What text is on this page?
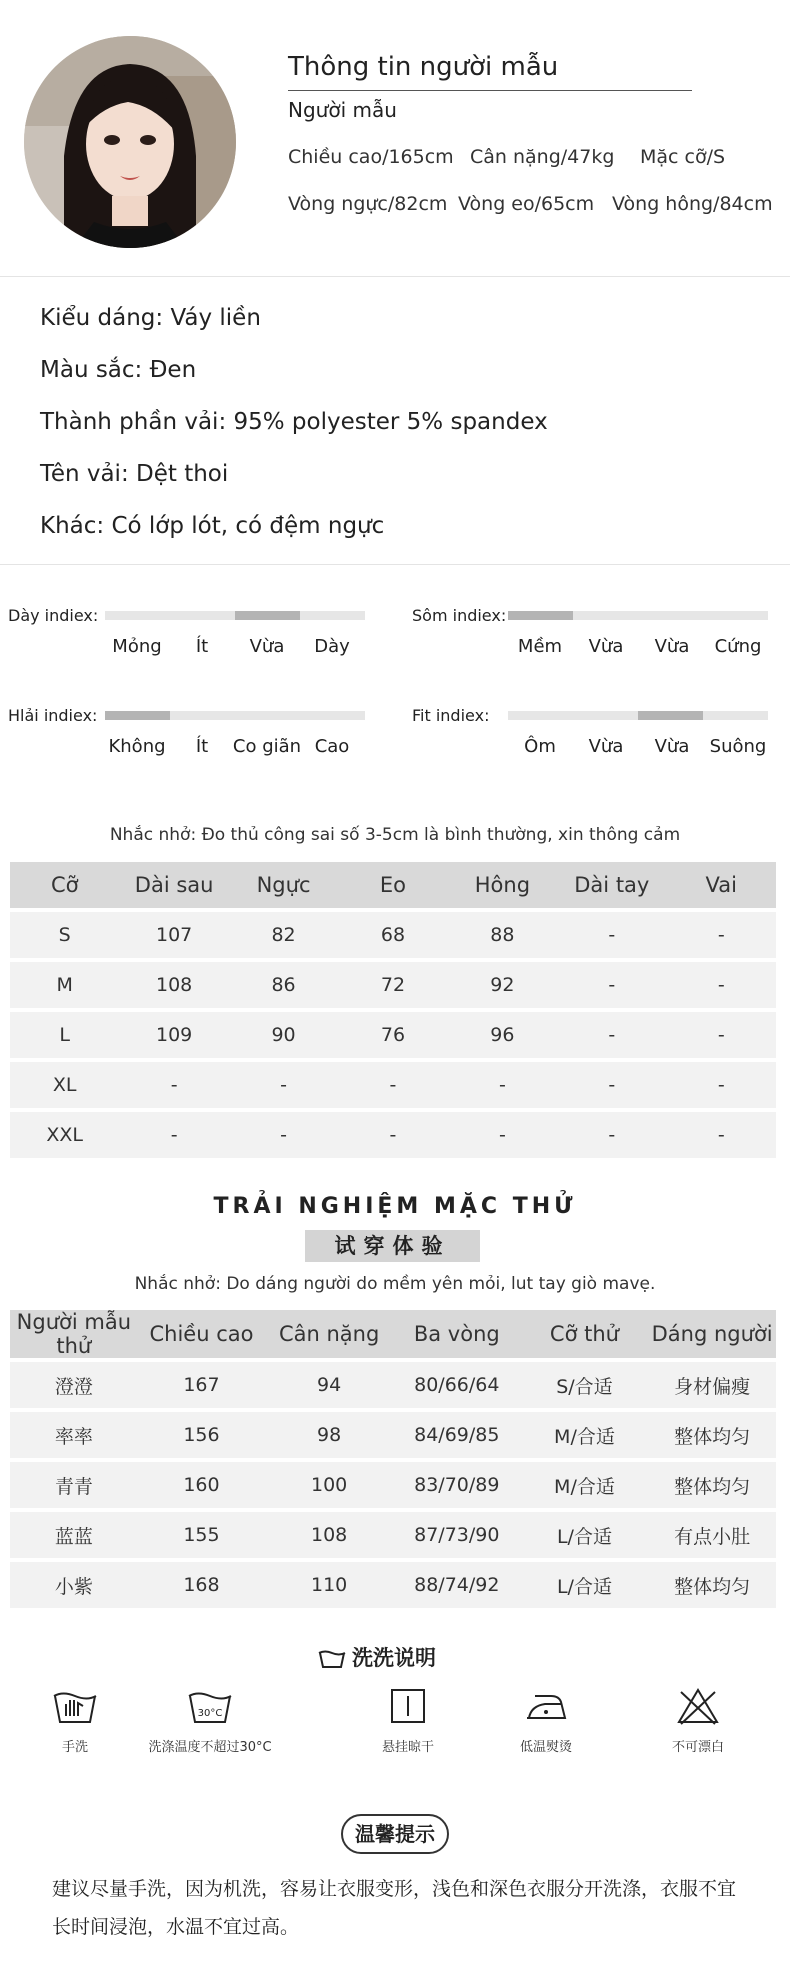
Thông tin người mẫu
Người mẫu
Chiều cao/165cm Cân nặng/47kg Mặc cỡ/S
Vòng ngực/82cm Vòng eo/65cm Vòng hông/84cm
Kiểu dáng: Váy liền
Màu sắc: Đen
Thành phần vải: 95% polyester 5% spandex
Tên vải: Dệt thoi
Khác: Có lớp lót, có đệm ngực
Dày indiex:
Mỏng Ít Vừa Dày
Sôm indiex:
Mềm Vừa Vừa Cứng
Hlải indiex:
Không Ít Co giãn Cao
Fit indiex:
Ôm Vừa Vừa Suông
Nhắc nhở: Đo thủ công sai số 3-5cm là bình thường, xin thông cảm
Cỡ	Dài sau	Ngực	Eo	Hông	Dài tay	Vai
S	107	82	68	88	-	-
M	108	86	72	92	-	-
L	109	90	76	96	-	-
XL	-	-	-	-	-	-
XXL	-	-	-	-	-	-
TRẢI NGHIỆM MẶC THỬ
试穿体验
Nhắc nhở: Do dáng người do mềm yên mỏi, lut tay giò mavẹ.
Người mẫu thử	Chiều cao	Cân nặng	Ba vòng	Cỡ thử	Dáng người
澄澄	167	94	80/66/64	S/合适	身材偏瘦
率率	156	98	84/69/85	M/合适	整体均匀
青青	160	100	83/70/89	M/合适	整体均匀
蓝蓝	155	108	87/73/90	L/合适	有点小肚
小紫	168	110	88/74/92	L/合适	整体均匀
洗洗说明
手洗
30°C
洗涤温度不超过30°C	悬挂晾干	低温熨烫	不可漂白
温馨提示
建议尽量手洗，因为机洗，容易让衣服变形，浅色和深色衣服分开洗涤，衣服不宜长时间浸泡，水温不宜过高。
